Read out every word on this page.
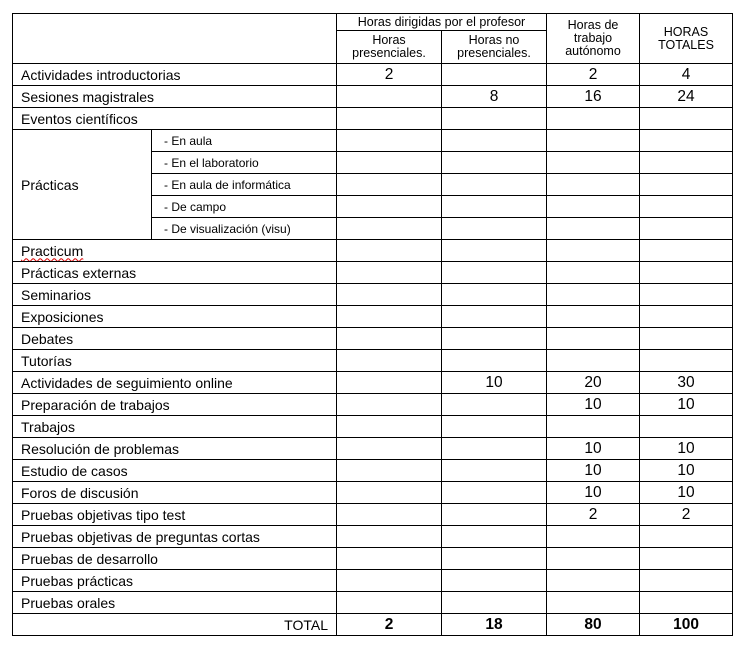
		Horas dirigidas por el profesor		Horas de trabajo autónomo	HORAS TOTALES
		Horas presenciales.	Horas no presenciales.		
Actividades introductorias		2		2	4
Sesiones magistrales			8	16	24
Eventos científicos					
Prácticas	- En aula				
	- En el laboratorio				
	- En aula de informática				
	- De campo				
	- De visualización (visu)				
Practicum					
Prácticas externas					
Seminarios					
Exposiciones					
Debates					
Tutorías					
Actividades de seguimiento online			10	20	30
Preparación de trabajos				10	10
Trabajos					
Resolución de problemas				10	10
Estudio de casos				10	10
Foros de discusión				10	10
Pruebas objetivas tipo test				2	2
Pruebas objetivas de preguntas cortas					
Pruebas de desarrollo					
Pruebas prácticas					
Pruebas orales					
TOTAL		2	18	80	100
